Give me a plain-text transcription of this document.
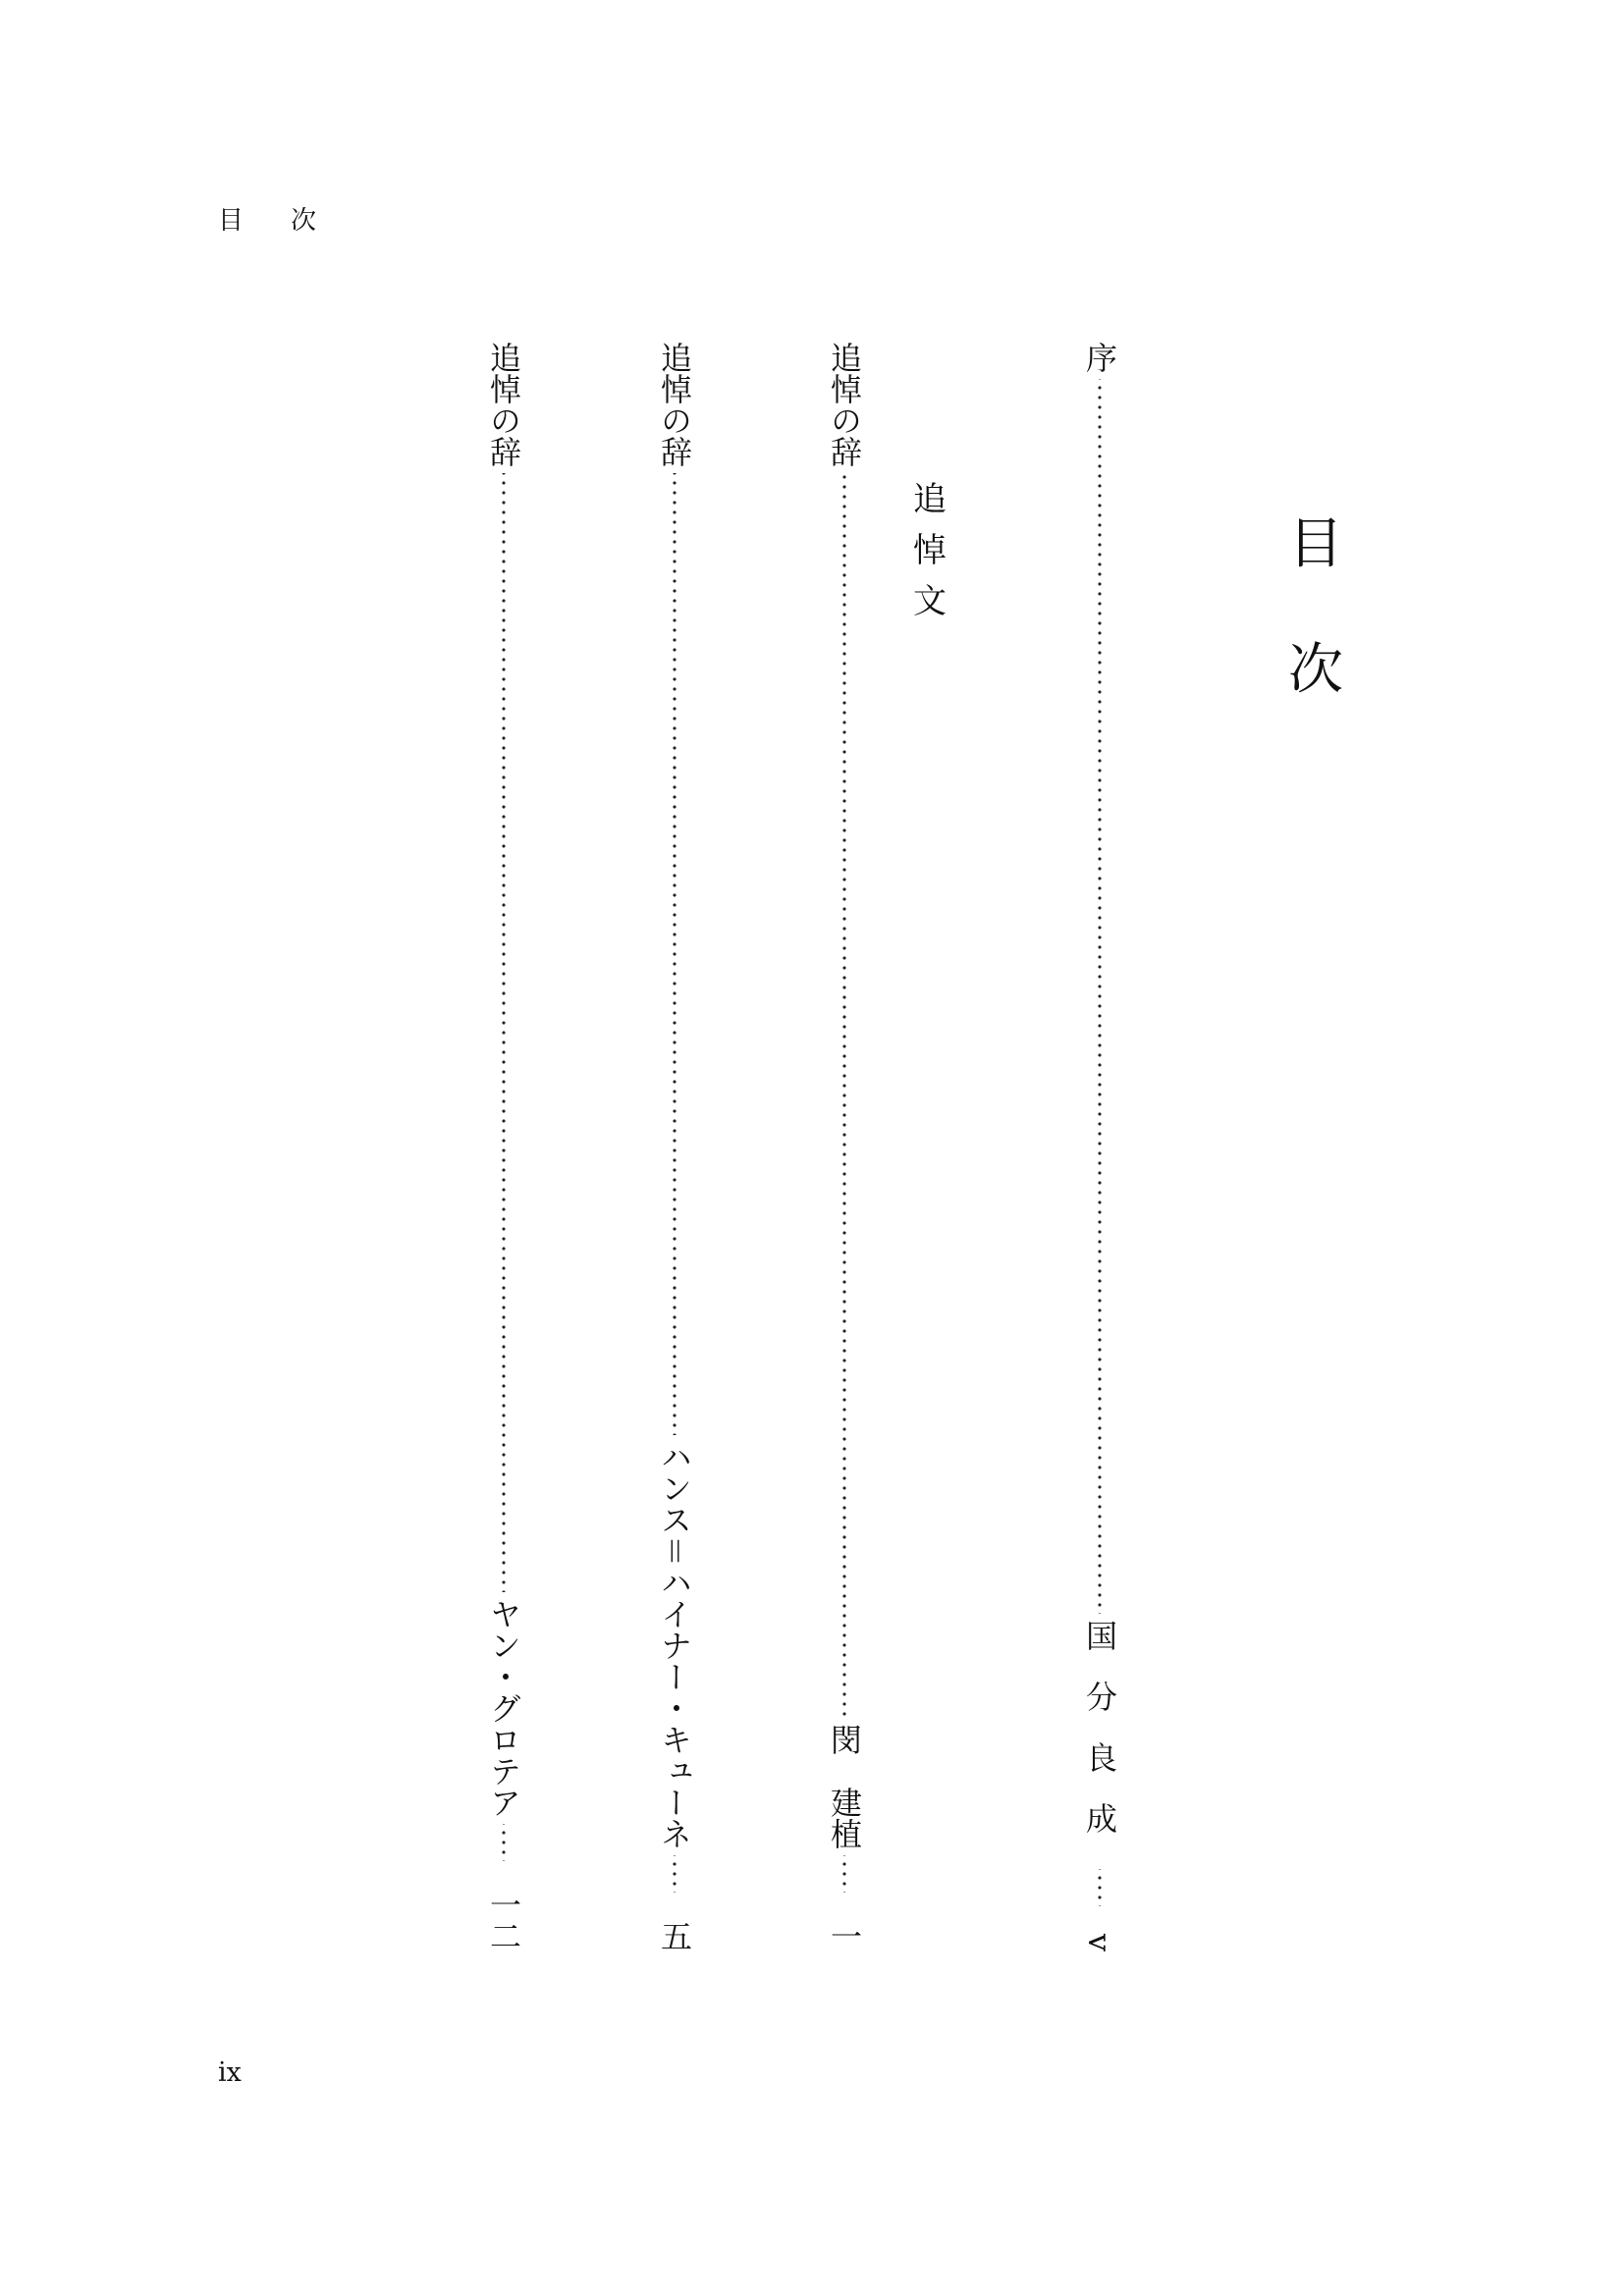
目 次
目
次
追
悼
文
序
国分良成
v
追悼の辞
閔　建植
一
追悼の辞
ハンス＝ハイナー・キューネ
五
追悼の辞
ヤン・グロテア
一二
ix
